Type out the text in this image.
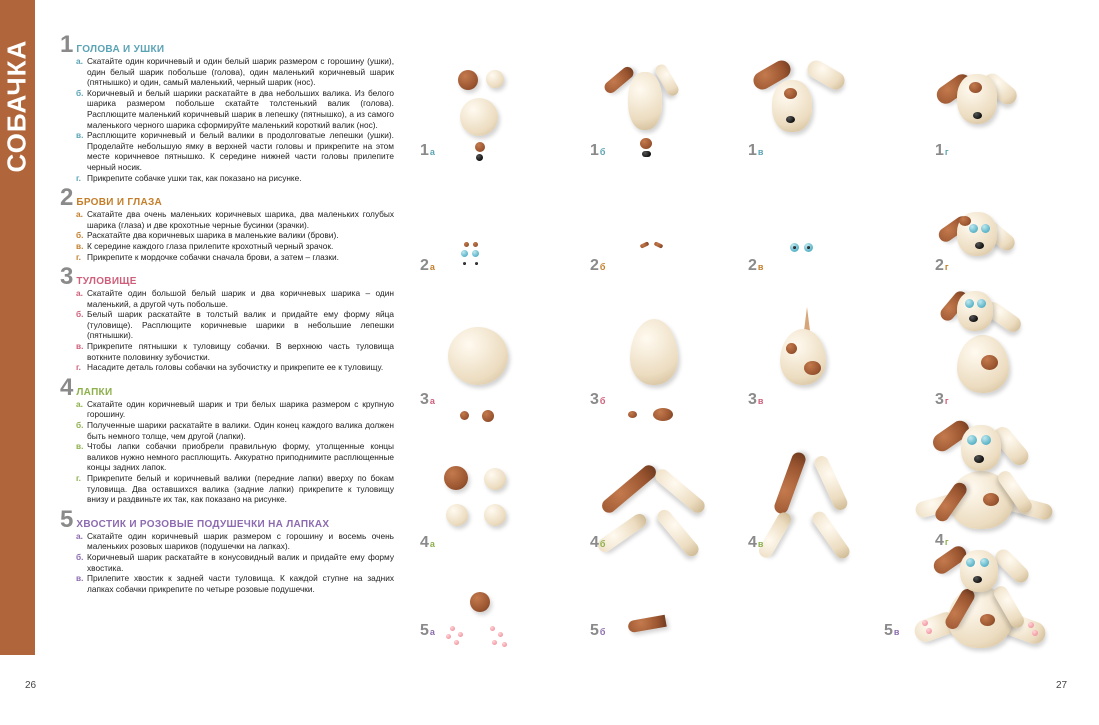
СОБАЧКА 1 ГОЛОВА И УШКИ
а. Скатайте один коричневый и один белый шарик размером с горошину (ушки), один белый шарик побольше (голова), один маленький коричневый шарик (пятнышко) и один, самый маленький, черный шарик (нос).
б. Коричневый и белый шарики раскатайте в два небольших валика. Из белого шарика размером побольше скатайте толстенький валик (голова). Расплющите маленький коричневый шарик в лепешку (пятнышко), а из самого маленького черного шарика сформируйте маленький короткий валик (нос).
в. Расплющите коричневый и белый валики в продолговатые лепешки (ушки). Проделайте небольшую ямку в верхней части головы и прикрепите на этом месте коричневое пятнышко. К середине нижней части головы прилепите черный носик.
г. Прикрепите собачке ушки так, как показано на рисунке.
2 БРОВИ И ГЛАЗА
а. Скатайте два очень маленьких коричневых шарика, два маленьких голубых шарика (глаза) и две крохотные черные бусинки (зрачки).
б. Раскатайте два коричневых шарика в маленькие валики (брови).
в. К середине каждого глаза прилепите крохотный черный зрачок.
г. Прикрепите к мордочке собачки сначала брови, а затем – глазки.
3 ТУЛОВИЩЕ
а. Скатайте один большой белый шарик и два коричневых шарика – один маленький, а другой чуть побольше.
б. Белый шарик раскатайте в толстый валик и придайте ему форму яйца (туловище). Расплющите коричневые шарики в небольшие лепешки (пятнышки).
в. Прикрепите пятнышки к туловищу собачки. В верхнюю часть туловища воткните половинку зубочистки.
г. Насадите деталь головы собачки на зубочистку и прикрепите ее к туловищу.
4 ЛАПКИ
а. Скатайте один коричневый шарик и три белых шарика размером с крупную горошину.
б. Полученные шарики раскатайте в валики. Один конец каждого валика должен быть немного толще, чем другой (лапки).
в. Чтобы лапки собачки приобрели правильную форму, утолщенные концы валиков нужно немного расплющить. Аккуратно приподнимите расплющенные концы задних лапок.
г. Прикрепите белый и коричневый валики (передние лапки) вверху по бокам туловища. Два оставшихся валика (задние лапки) прикрепите к туловищу внизу и раздвиньте их так, как показано на рисунке.
5 ХВОСТИК И РОЗОВЫЕ ПОДУШЕЧКИ НА ЛАПКАХ
а. Скатайте один коричневый шарик размером с горошину и восемь очень маленьких розовых шариков (подушечки на лапках).
б. Коричневый шарик раскатайте в конусовидный валик и придайте ему форму хвостика.
в. Прилепите хвостик к задней части туловища. К каждой ступне на задних лапках собачки прикрепите по четыре розовые подушечки.
1а	1б	1в	1г
2а	2б	2в	2г
3а	3б	3в	3г
4а	4б	4в	4г
5а	5б	5в
26	27
